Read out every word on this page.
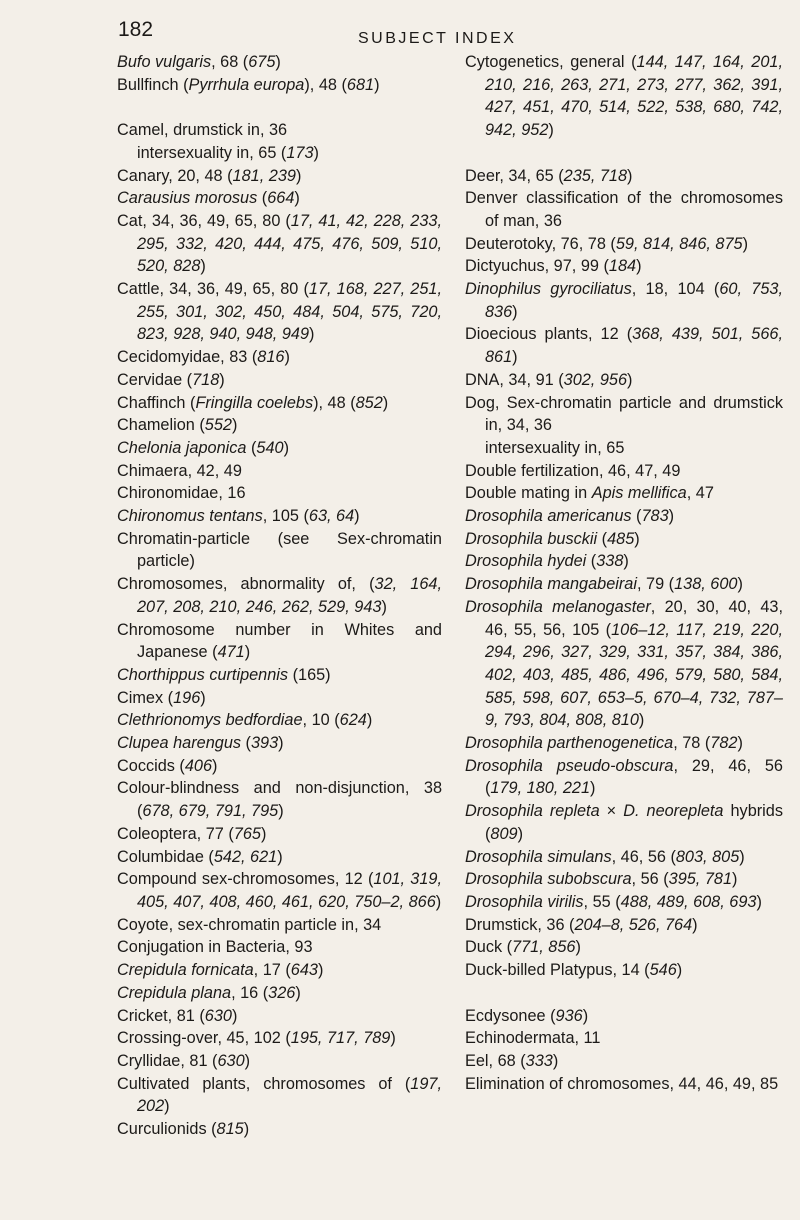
182	SUBJECT INDEX
Bufo vulgaris, 68 (675)
Bullfinch (Pyrrhula europa), 48 (681)
Camel, drumstick in, 36
intersexuality in, 65 (173)
Canary, 20, 48 (181, 239)
Carausius morosus (664)
Cat, 34, 36, 49, 65, 80 (17, 41, 42, 228, 233, 295, 332, 420, 444, 475, 476, 509, 510, 520, 828)
Cattle, 34, 36, 49, 65, 80 (17, 168, 227, 251, 255, 301, 302, 450, 484, 504, 575, 720, 823, 928, 940, 948, 949)
Cecidomyidae, 83 (816)
Cervidae (718)
Chaffinch (Fringilla coelebs), 48 (852)
Chamelion (552)
Chelonia japonica (540)
Chimaera, 42, 49
Chironomidae, 16
Chironomus tentans, 105 (63, 64)
Chromatin-particle (see Sex-chromatin particle)
Chromosomes, abnormality of, (32, 164, 207, 208, 210, 246, 262, 529, 943)
Chromosome number in Whites and Japanese (471)
Chorthippus curtipennis (165)
Cimex (196)
Clethrionomys bedfordiae, 10 (624)
Clupea harengus (393)
Coccids (406)
Colour-blindness and non-disjunction, 38 (678, 679, 791, 795)
Coleoptera, 77 (765)
Columbidae (542, 621)
Compound sex-chromosomes, 12 (101, 319, 405, 407, 408, 460, 461, 620, 750–2, 866)
Coyote, sex-chromatin particle in, 34
Conjugation in Bacteria, 93
Crepidula fornicata, 17 (643)
Crepidula plana, 16 (326)
Cricket, 81 (630)
Crossing-over, 45, 102 (195, 717, 789)
Cryllidae, 81 (630)
Cultivated plants, chromosomes of (197, 202)
Curculionids (815)
Cytogenetics, general (144, 147, 164, 201, 210, 216, 263, 271, 273, 277, 362, 391, 427, 451, 470, 514, 522, 538, 680, 742, 942, 952)
Deer, 34, 65 (235, 718)
Denver classification of the chromosomes of man, 36
Deuterotoky, 76, 78 (59, 814, 846, 875)
Dictyuchus, 97, 99 (184)
Dinophilus gyrociliatus, 18, 104 (60, 753, 836)
Dioecious plants, 12 (368, 439, 501, 566, 861)
DNA, 34, 91 (302, 956)
Dog, Sex-chromatin particle and drumstick in, 34, 36
intersexuality in, 65
Double fertilization, 46, 47, 49
Double mating in Apis mellifica, 47
Drosophila americanus (783)
Drosophila busckii (485)
Drosophila hydei (338)
Drosophila mangabeirai, 79 (138, 600)
Drosophila melanogaster, 20, 30, 40, 43, 46, 55, 56, 105 (106–12, 117, 219, 220, 294, 296, 327, 329, 331, 357, 384, 386, 402, 403, 485, 486, 496, 579, 580, 584, 585, 598, 607, 653–5, 670–4, 732, 787–9, 793, 804, 808, 810)
Drosophila parthenogenetica, 78 (782)
Drosophila pseudo-obscura, 29, 46, 56 (179, 180, 221)
Drosophila repleta × D. neorepleta hybrids (809)
Drosophila simulans, 46, 56 (803, 805)
Drosophila subobscura, 56 (395, 781)
Drosophila virilis, 55 (488, 489, 608, 693)
Drumstick, 36 (204–8, 526, 764)
Duck (771, 856)
Duck-billed Platypus, 14 (546)
Ecdysonee (936)
Echinodermata, 11
Eel, 68 (333)
Elimination of chromosomes, 44, 46, 49, 85
